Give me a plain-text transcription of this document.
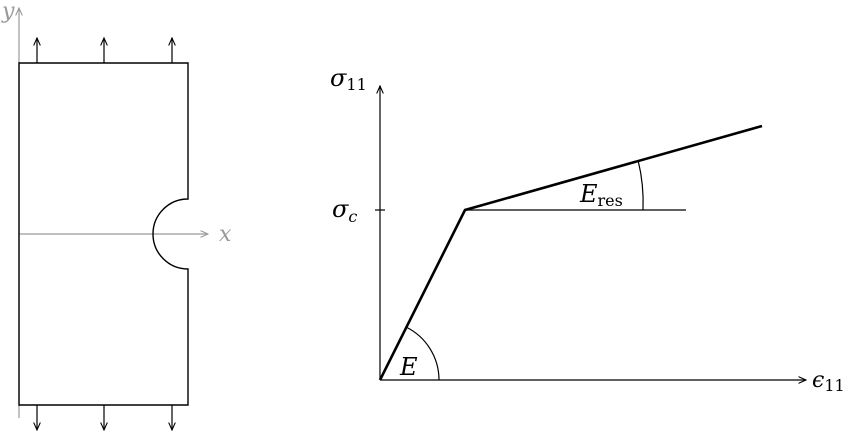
y
x
σ11
ϵ11
$\sigma_c$
E
Eres
